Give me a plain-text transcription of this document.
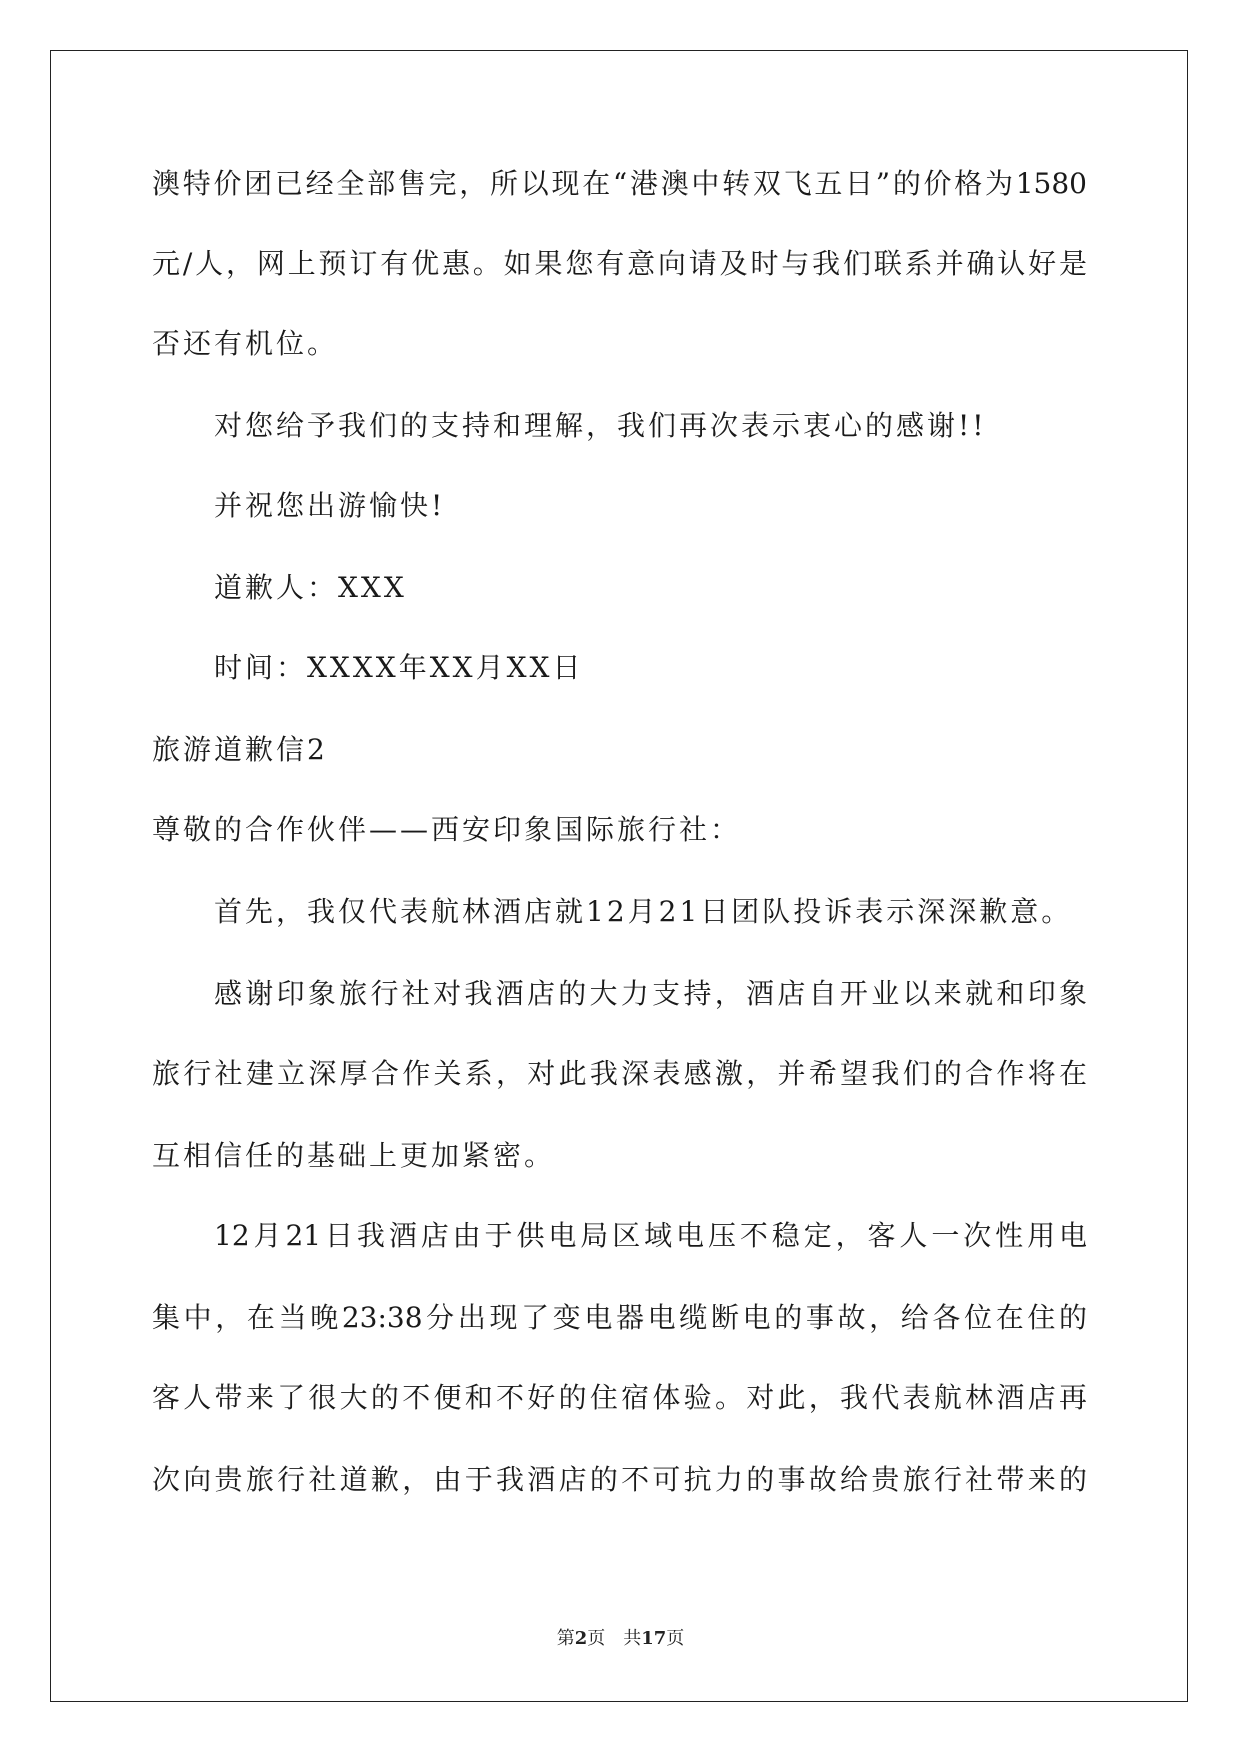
澳特价团已经全部售完，所以现在“港澳中转双飞五日”的价格为1580
元/人，网上预订有优惠。如果您有意向请及时与我们联系并确认好是
否还有机位。
对您给予我们的支持和理解，我们再次表示衷心的感谢!!
并祝您出游愉快!
道歉人：XXX
时间：XXXX年XX月XX日
旅游道歉信2
尊敬的合作伙伴——西安印象国际旅行社：
首先，我仅代表航林酒店就12月21日团队投诉表示深深歉意。
感谢印象旅行社对我酒店的大力支持，酒店自开业以来就和印象
旅行社建立深厚合作关系，对此我深表感激，并希望我们的合作将在
互相信任的基础上更加紧密。
12月21日我酒店由于供电局区域电压不稳定，客人一次性用电
集中，在当晚23:38分出现了变电器电缆断电的事故，给各位在住的
客人带来了很大的不便和不好的住宿体验。对此，我代表航林酒店再
次向贵旅行社道歉，由于我酒店的不可抗力的事故给贵旅行社带来的
第2页 共17页
